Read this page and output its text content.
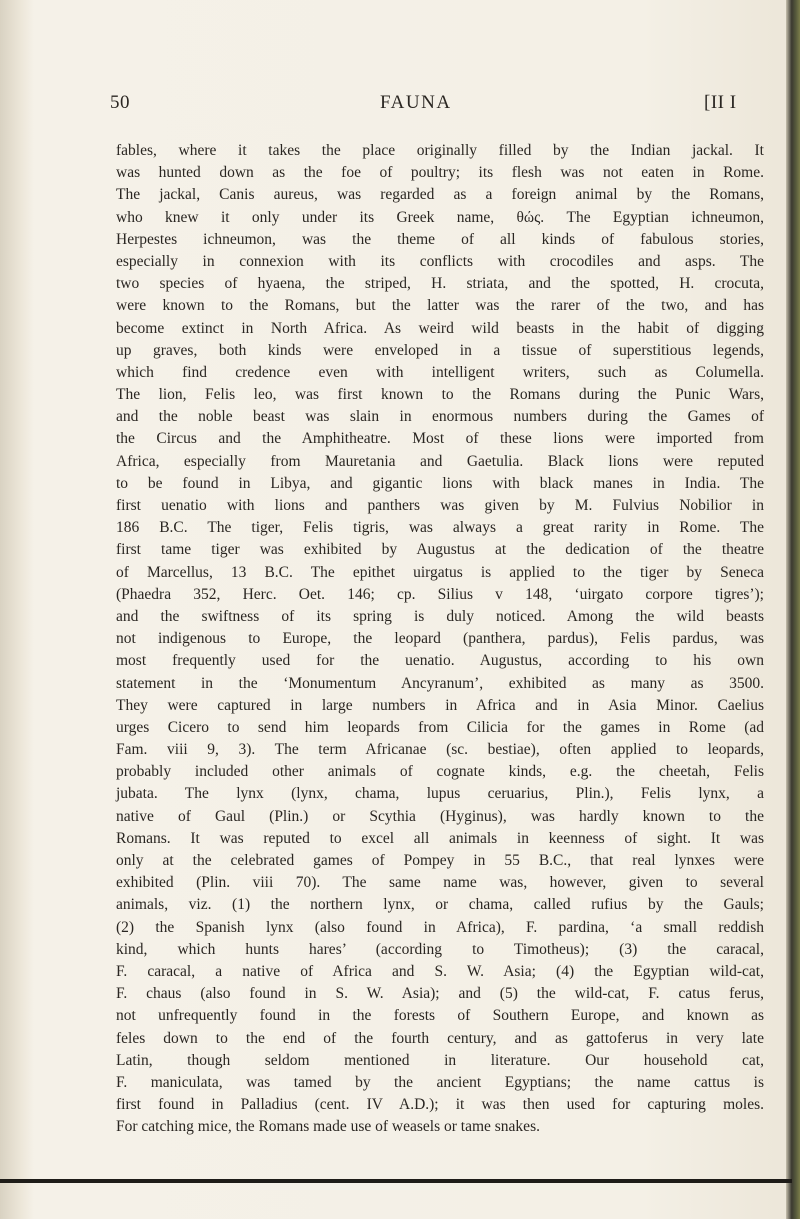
50	FAUNA	[II I
fables, where it takes the place originally filled by the Indian jackal. It
was hunted down as the foe of poultry; its flesh was not eaten in Rome.
The jackal, Canis aureus, was regarded as a foreign animal by the Romans,
who knew it only under its Greek name, θώς. The Egyptian ichneumon,
Herpestes ichneumon, was the theme of all kinds of fabulous stories,
especially in connexion with its conflicts with crocodiles and asps. The
two species of hyaena, the striped, H. striata, and the spotted, H. crocuta,
were known to the Romans, but the latter was the rarer of the two, and has
become extinct in North Africa. As weird wild beasts in the habit of digging
up graves, both kinds were enveloped in a tissue of superstitious legends,
which find credence even with intelligent writers, such as Columella.
The lion, Felis leo, was first known to the Romans during the Punic Wars,
and the noble beast was slain in enormous numbers during the Games of
the Circus and the Amphitheatre. Most of these lions were imported from
Africa, especially from Mauretania and Gaetulia. Black lions were reputed
to be found in Libya, and gigantic lions with black manes in India. The
first uenatio with lions and panthers was given by M. Fulvius Nobilior in
186 B.C. The tiger, Felis tigris, was always a great rarity in Rome. The
first tame tiger was exhibited by Augustus at the dedication of the theatre
of Marcellus, 13 B.C. The epithet uirgatus is applied to the tiger by Seneca
(Phaedra 352, Herc. Oet. 146; cp. Silius v 148, ‘uirgato corpore tigres’);
and the swiftness of its spring is duly noticed. Among the wild beasts
not indigenous to Europe, the leopard (panthera, pardus), Felis pardus, was
most frequently used for the uenatio. Augustus, according to his own
statement in the ‘Monumentum Ancyranum’, exhibited as many as 3500.
They were captured in large numbers in Africa and in Asia Minor. Caelius
urges Cicero to send him leopards from Cilicia for the games in Rome (ad
Fam. viii 9, 3). The term Africanae (sc. bestiae), often applied to leopards,
probably included other animals of cognate kinds, e.g. the cheetah, Felis
jubata. The lynx (lynx, chama, lupus ceruarius, Plin.), Felis lynx, a
native of Gaul (Plin.) or Scythia (Hyginus), was hardly known to the
Romans. It was reputed to excel all animals in keenness of sight. It was
only at the celebrated games of Pompey in 55 B.C., that real lynxes were
exhibited (Plin. viii 70). The same name was, however, given to several
animals, viz. (1) the northern lynx, or chama, called rufius by the Gauls;
(2) the Spanish lynx (also found in Africa), F. pardina, ‘a small reddish
kind, which hunts hares’ (according to Timotheus); (3) the caracal,
F. caracal, a native of Africa and S. W. Asia; (4) the Egyptian wild-cat,
F. chaus (also found in S. W. Asia); and (5) the wild-cat, F. catus ferus,
not unfrequently found in the forests of Southern Europe, and known as
feles down to the end of the fourth century, and as gattoferus in very late
Latin, though seldom mentioned in literature. Our household cat,
F. maniculata, was tamed by the ancient Egyptians; the name cattus is
first found in Palladius (cent. IV A.D.); it was then used for capturing moles.
For catching mice, the Romans made use of weasels or tame snakes.
